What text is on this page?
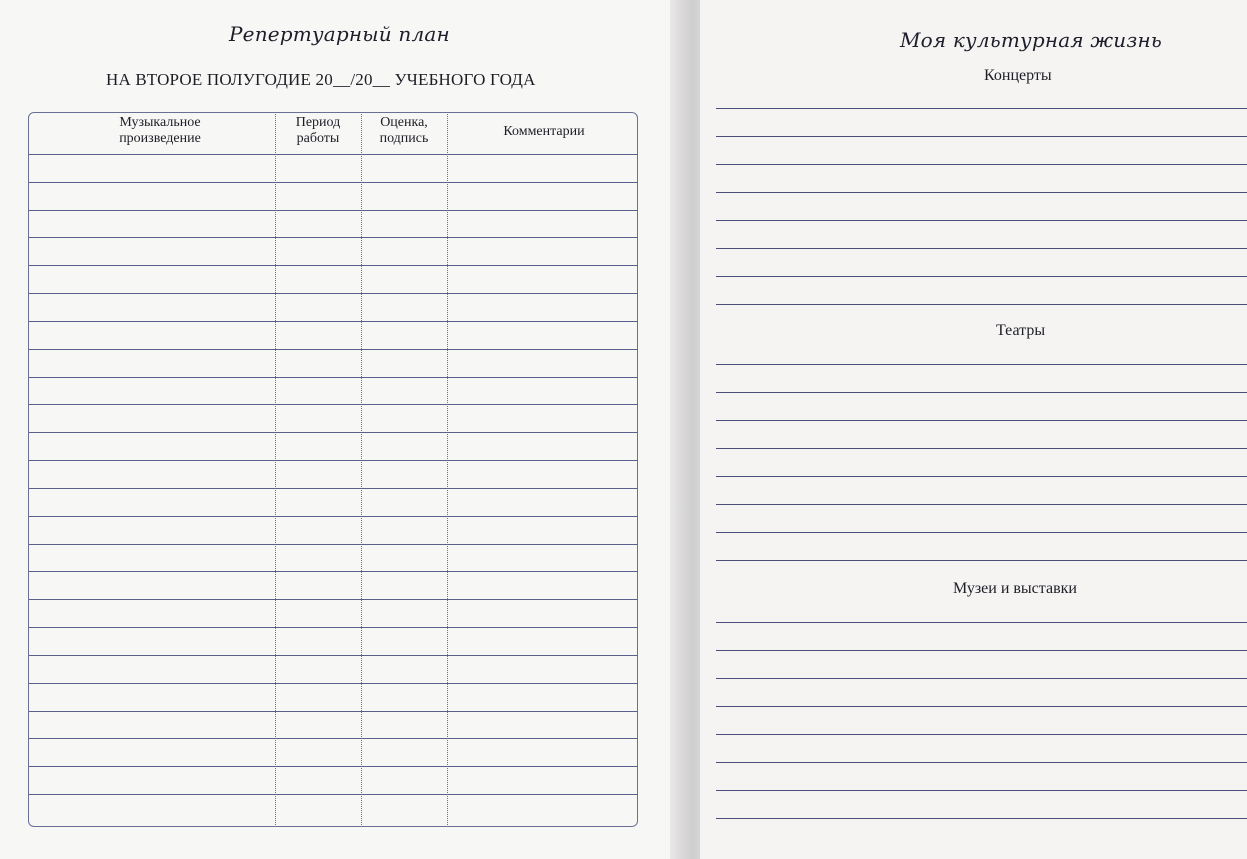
Репертуарный план
НА ВТОРОЕ ПОЛУГОДИЕ 20__/20__ УЧЕБНОГО ГОДА
Музыкальное
произведение
Период
работы
Оценка,
подпись	Комментарии
Моя культурная жизнь
Концерты
Театры
Музеи и выставки
